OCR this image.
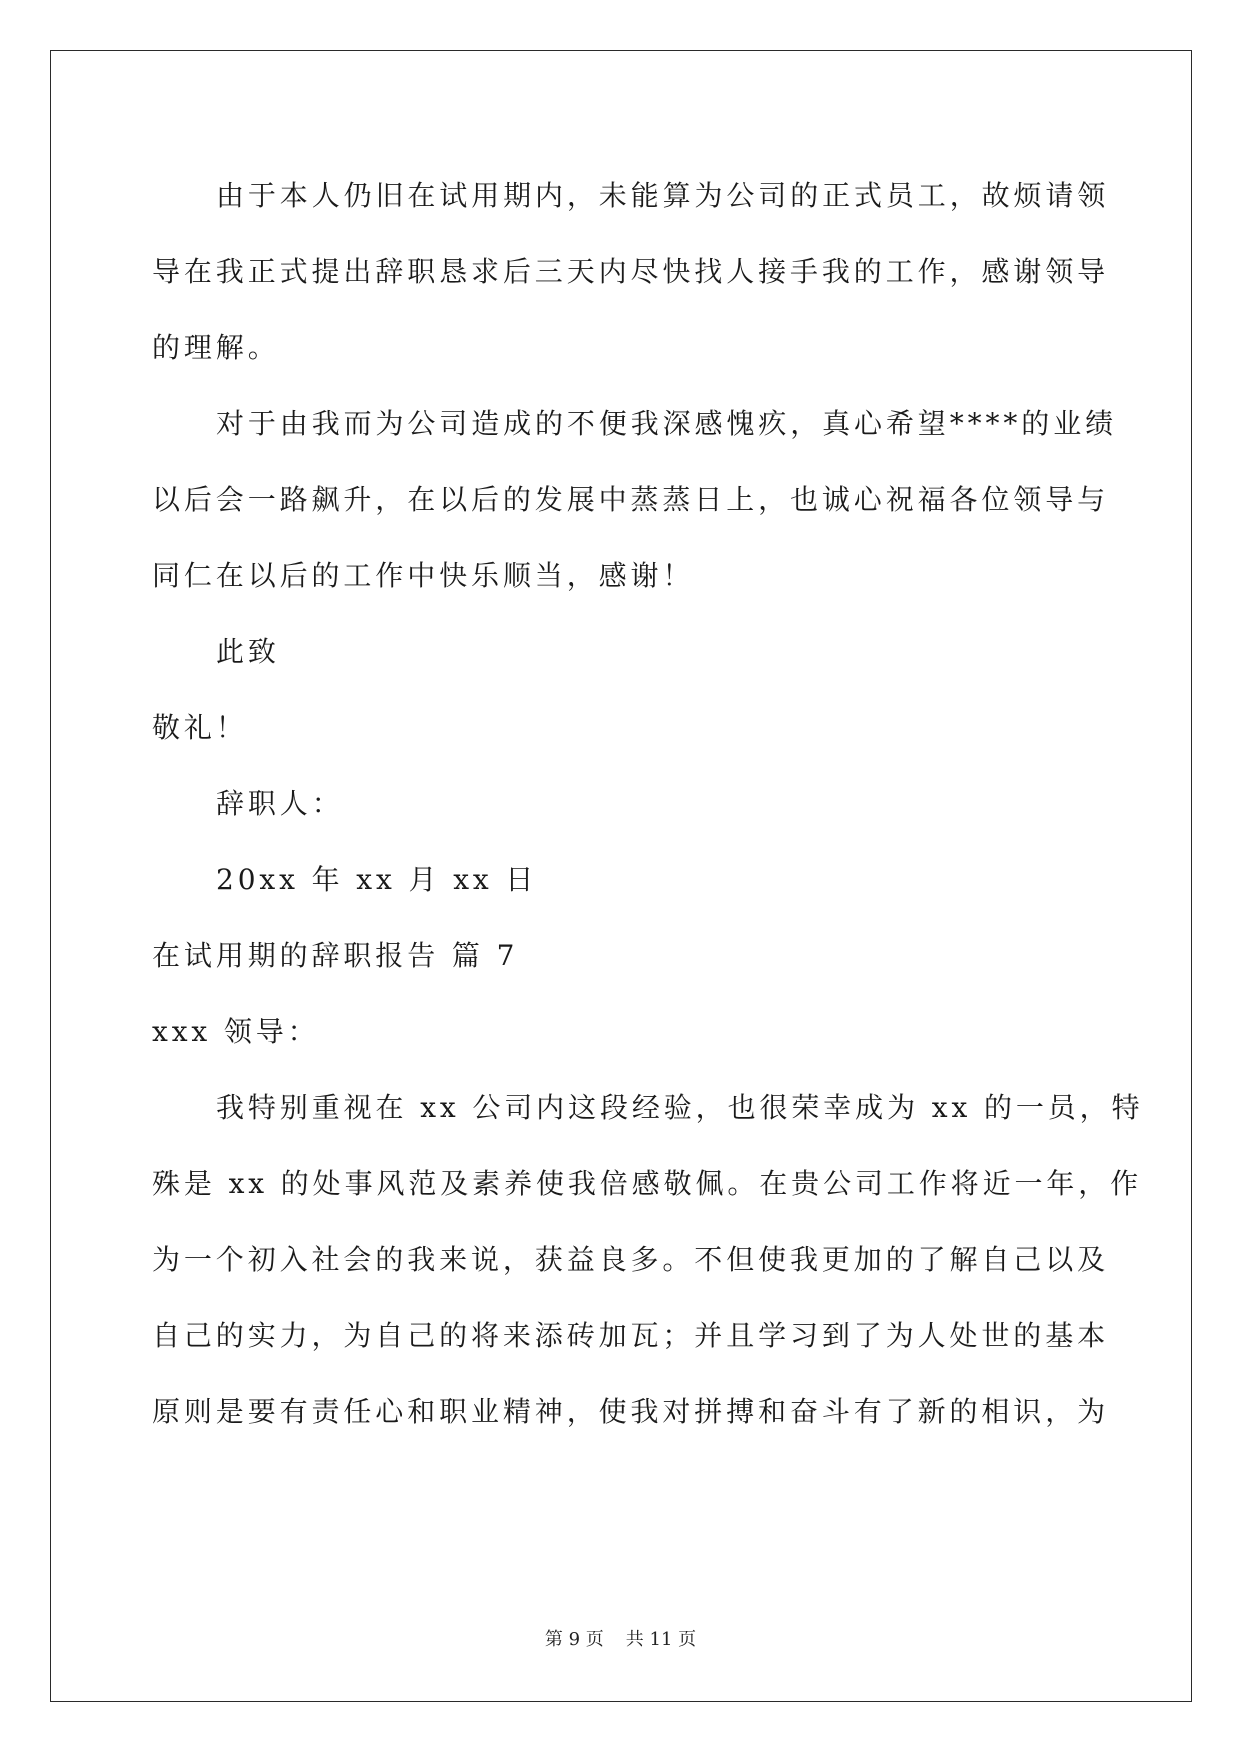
由于本人仍旧在试用期内，未能算为公司的正式员工，故烦请领
导在我正式提出辞职恳求后三天内尽快找人接手我的工作，感谢领导
的理解。
对于由我而为公司造成的不便我深感愧疚，真心希望****的业绩
以后会一路飙升，在以后的发展中蒸蒸日上，也诚心祝福各位领导与
同仁在以后的工作中快乐顺当，感谢！
此致
敬礼！
辞职人：
20xx 年 xx 月 xx 日
在试用期的辞职报告 篇 7
xxx 领导：
我特别重视在 xx 公司内这段经验，也很荣幸成为 xx 的一员，特
殊是 xx 的处事风范及素养使我倍感敬佩。在贵公司工作将近一年，作
为一个初入社会的我来说，获益良多。不但使我更加的了解自己以及
自己的实力，为自己的将来添砖加瓦；并且学习到了为人处世的基本
原则是要有责任心和职业精神，使我对拼搏和奋斗有了新的相识，为
第 9 页 共 11 页
